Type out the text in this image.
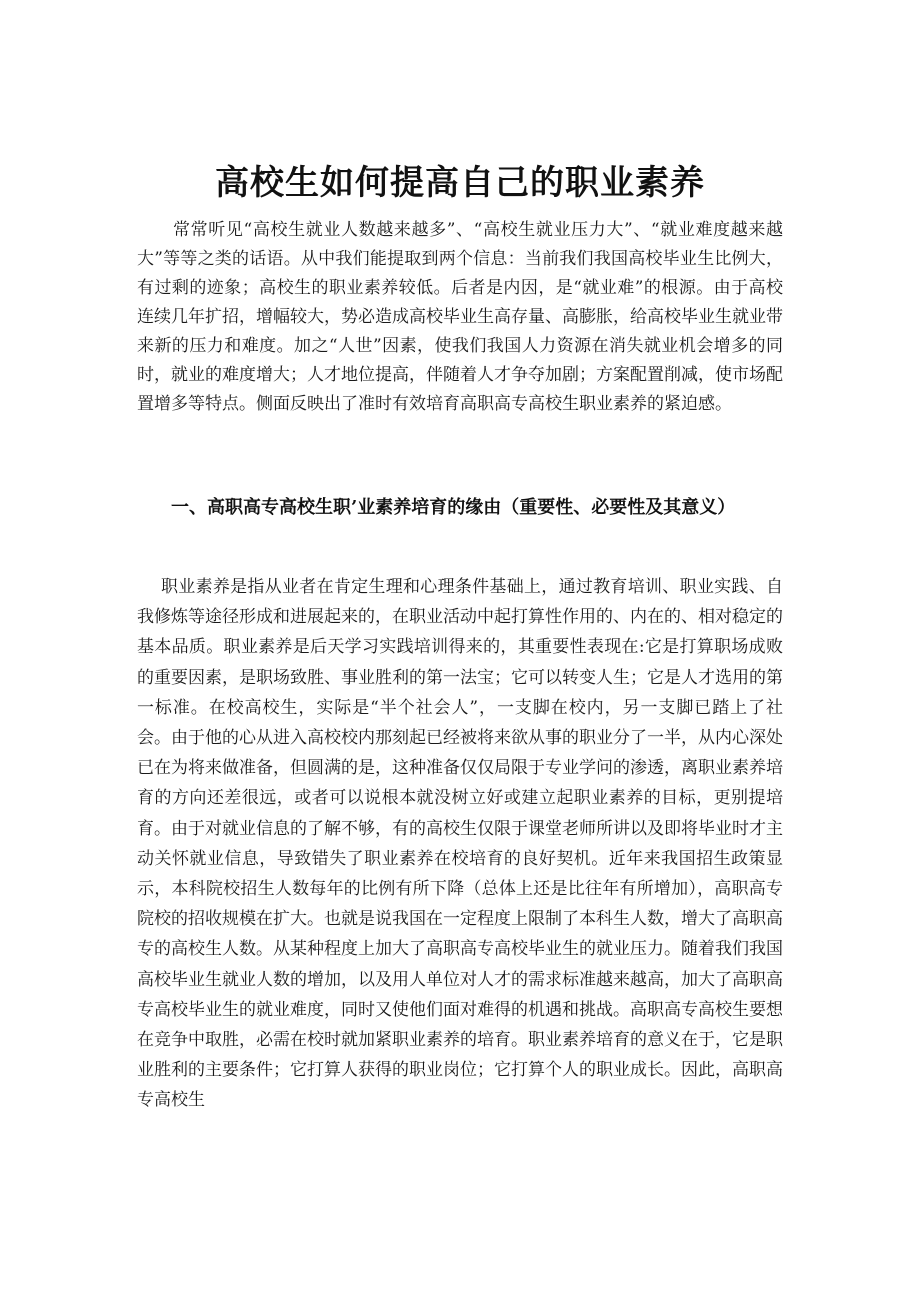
高校生如何提高自己的职业素养

常常听见“高校生就业人数越来越多”、“高校生就业压力大”、“就业难度越来越大”等等之类的话语。从中我们能提取到两个信息：当前我们我国高校毕业生比例大，有过剩的迹象；高校生的职业素养较低。后者是内因，是“就业难”的根源。由于高校连续几年扩招，增幅较大，势必造成高校毕业生高存量、高膨胀，给高校毕业生就业带来新的压力和难度。加之“人世”因素，使我们我国人力资源在消失就业机会增多的同时，就业的难度增大；人才地位提高，伴随着人才争夺加剧；方案配置削减，使市场配置增多等特点。侧面反映出了准时有效培育高职高专高校生职业素养的紧迫感。

一、高职高专高校生职’业素养培育的缘由（重要性、必要性及其意义）

职业素养是指从业者在肯定生理和心理条件基础上，通过教育培训、职业实践、自我修炼等途径形成和进展起来的，在职业活动中起打算性作用的、内在的、相对稳定的基本品质。职业素养是后天学习实践培训得来的，其重要性表现在:它是打算职场成败的重要因素，是职场致胜、事业胜利的第一法宝；它可以转变人生；它是人才选用的第一标准。在校高校生，实际是“半个社会人”，一支脚在校内，另一支脚已踏上了社会。由于他的心从进入高校校内那刻起已经被将来欲从事的职业分了一半，从内心深处已在为将来做准备，但圆满的是，这种准备仅仅局限于专业学问的渗透，离职业素养培育的方向还差很远，或者可以说根本就没树立好或建立起职业素养的目标，更别提培育。由于对就业信息的了解不够，有的高校生仅限于课堂老师所讲以及即将毕业时才主动关怀就业信息，导致错失了职业素养在校培育的良好契机。近年来我国招生政策显示，本科院校招生人数每年的比例有所下降（总体上还是比往年有所增加），高职高专院校的招收规模在扩大。也就是说我国在一定程度上限制了本科生人数，增大了高职高专的高校生人数。从某种程度上加大了高职高专高校毕业生的就业压力。随着我们我国高校毕业生就业人数的增加，以及用人单位对人才的需求标准越来越高，加大了高职高专高校毕业生的就业难度，同时又使他们面对难得的机遇和挑战。高职高专高校生要想在竞争中取胜，必需在校时就加紧职业素养的培育。职业素养培育的意义在于，它是职业胜利的主要条件；它打算人获得的职业岗位；它打算个人的职业成长。因此，高职高专高校生
